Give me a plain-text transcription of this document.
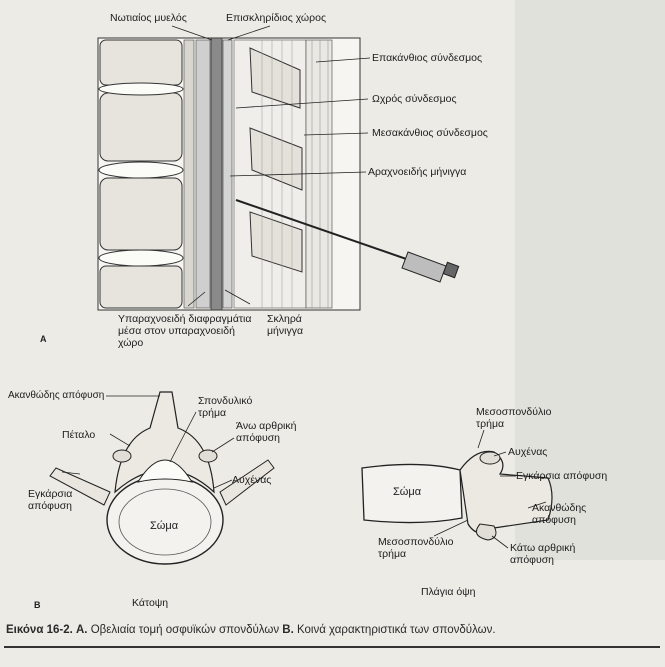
Νωτιαίος μυελός	Επισκληρίδιος χώρος
Επακάνθιος σύνδεσμος
Ωχρός σύνδεσμος
Μεσακάνθιος σύνδεσμος
Αραχνοειδής μήνιγγα
Υπαραχνοειδή διαφραγμάτια
μέσα στον υπαραχνοειδή
χώρο
Σκληρά
μήνιγγα
A
Ακανθώδης απόφυση	Σπονδυλικό
τρήμα
Πέταλο
Άνω αρθρική
απόφυση
Εγκάρσια
απόφυση
Αυχένας
Σώμα
Κάτοψη
B
Μεσοσπονδύλιο
τρήμα
Αυχένας
Εγκάρσια απόφυση
Ακανθώδης
απόφυση
Σώμα
Μεσοσπονδύλιο
τρήμα	Κάτω αρθρική
απόφυση
Πλάγια όψη
Εικόνα 16-2. Α. Οβελιαία τομή οσφυϊκών σπονδύλων Β. Κοινά χαρακτηριστικά των σπονδύλων.
